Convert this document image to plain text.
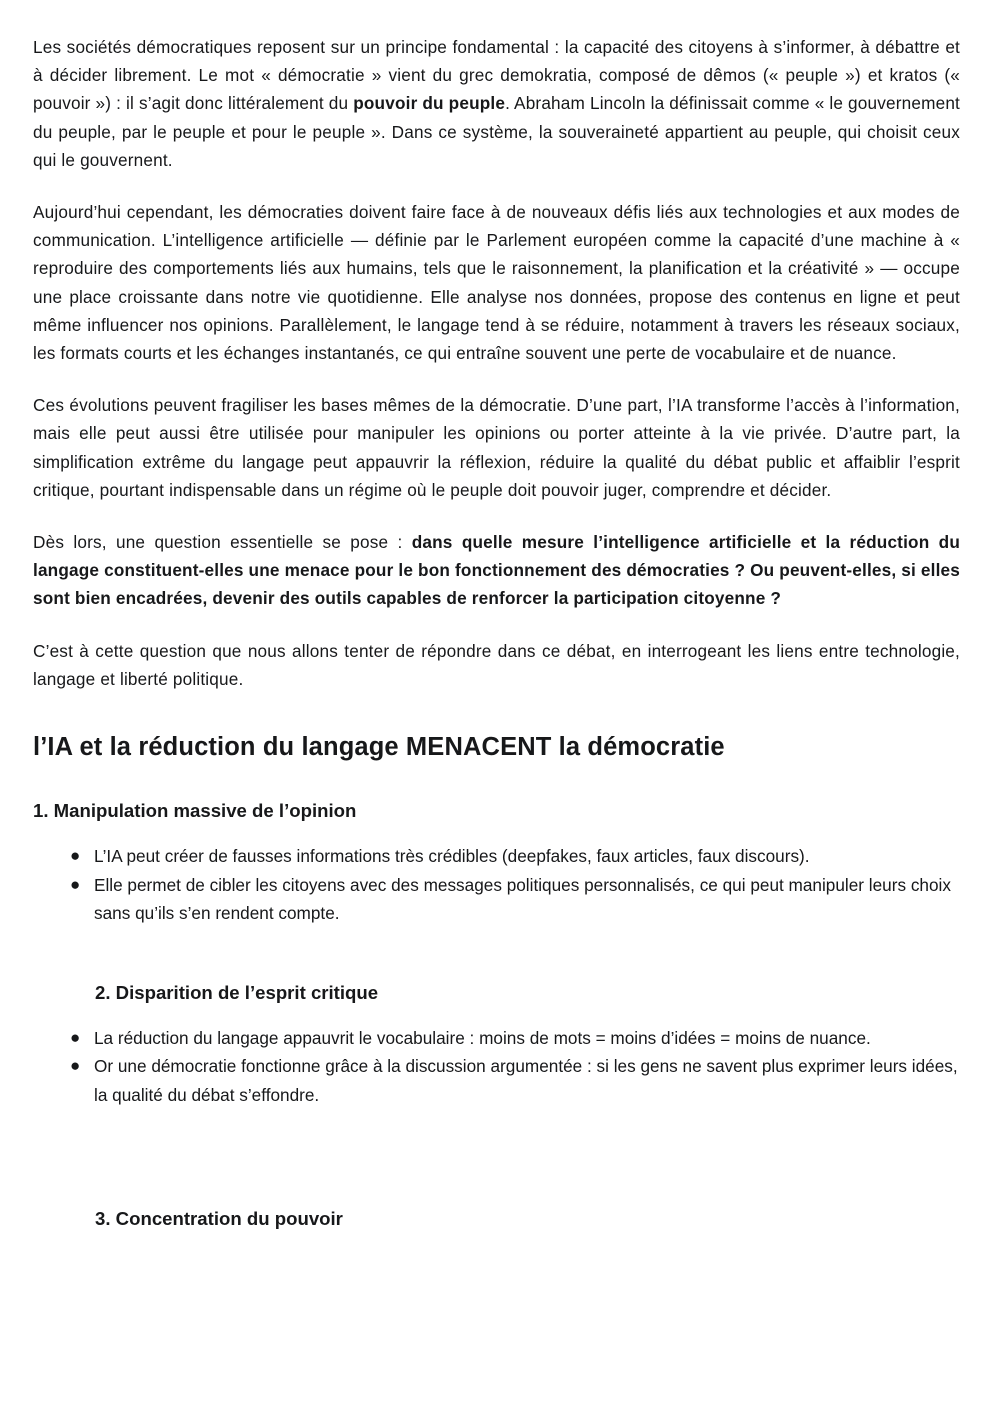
Les sociétés démocratiques reposent sur un principe fondamental : la capacité des citoyens à s’informer, à débattre et à décider librement. Le mot « démocratie » vient du grec demokratia, composé de dêmos (« peuple ») et kratos (« pouvoir ») : il s’agit donc littéralement du pouvoir du peuple. Abraham Lincoln la définissait comme « le gouvernement du peuple, par le peuple et pour le peuple ». Dans ce système, la souveraineté appartient au peuple, qui choisit ceux qui le gouvernent.

Aujourd’hui cependant, les démocraties doivent faire face à de nouveaux défis liés aux technologies et aux modes de communication. L’intelligence artificielle — définie par le Parlement européen comme la capacité d’une machine à « reproduire des comportements liés aux humains, tels que le raisonnement, la planification et la créativité » — occupe une place croissante dans notre vie quotidienne. Elle analyse nos données, propose des contenus en ligne et peut même influencer nos opinions. Parallèlement, le langage tend à se réduire, notamment à travers les réseaux sociaux, les formats courts et les échanges instantanés, ce qui entraîne souvent une perte de vocabulaire et de nuance.

Ces évolutions peuvent fragiliser les bases mêmes de la démocratie. D’une part, l’IA transforme l’accès à l’information, mais elle peut aussi être utilisée pour manipuler les opinions ou porter atteinte à la vie privée. D’autre part, la simplification extrême du langage peut appauvrir la réflexion, réduire la qualité du débat public et affaiblir l’esprit critique, pourtant indispensable dans un régime où le peuple doit pouvoir juger, comprendre et décider.

Dès lors, une question essentielle se pose : dans quelle mesure l’intelligence artificielle et la réduction du langage constituent-elles une menace pour le bon fonctionnement des démocraties ? Ou peuvent-elles, si elles sont bien encadrées, devenir des outils capables de renforcer la participation citoyenne ?

C’est à cette question que nous allons tenter de répondre dans ce débat, en interrogeant les liens entre technologie, langage et liberté politique.

l’IA et la réduction du langage MENACENT la démocratie
1. Manipulation massive de l’opinion
● L’IA peut créer de fausses informations très crédibles (deepfakes, faux articles, faux discours).
● Elle permet de cibler les citoyens avec des messages politiques personnalisés, ce qui peut manipuler leurs choix sans qu’ils s’en rendent compte.
2. Disparition de l’esprit critique
● La réduction du langage appauvrit le vocabulaire : moins de mots = moins d’idées = moins de nuance.
● Or une démocratie fonctionne grâce à la discussion argumentée : si les gens ne savent plus exprimer leurs idées, la qualité du débat s’effondre.
3. Concentration du pouvoir
